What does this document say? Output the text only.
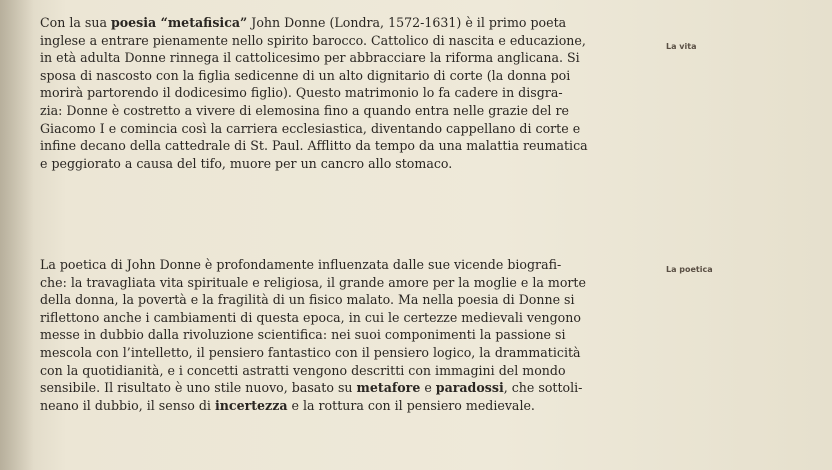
Con la sua poesia “metafisica” John Donne (Londra, 1572-1631) è il primo poeta
inglese a entrare pienamente nello spirito barocco. Cattolico di nascita e educazione,
in età adulta Donne rinnega il cattolicesimo per abbracciare la riforma anglicana. Si
sposa di nascosto con la figlia sedicenne di un alto dignitario di corte (la donna poi
morirà partorendo il dodicesimo figlio). Questo matrimonio lo fa cadere in disgra-
zia: Donne è costretto a vivere di elemosina fino a quando entra nelle grazie del re
Giacomo I e comincia così la carriera ecclesiastica, diventando cappellano di corte e
infine decano della cattedrale di St. Paul. Afflitto da tempo da una malattia reumatica
e peggiorato a causa del tifo, muore per un cancro allo stomaco.
La vita
La poetica di John Donne è profondamente influenzata dalle sue vicende biografi-
che: la travagliata vita spirituale e religiosa, il grande amore per la moglie e la morte
della donna, la povertà e la fragilità di un fisico malato. Ma nella poesia di Donne si
riflettono anche i cambiamenti di questa epoca, in cui le certezze medievali vengono
messe in dubbio dalla rivoluzione scientifica: nei suoi componimenti la passione si
mescola con l’intelletto, il pensiero fantastico con il pensiero logico, la drammaticità
con la quotidianità, e i concetti astratti vengono descritti con immagini del mondo
sensibile. Il risultato è uno stile nuovo, basato su metafore e paradossi, che sottoli-
neano il dubbio, il senso di incertezza e la rottura con il pensiero medievale.
La poetica
